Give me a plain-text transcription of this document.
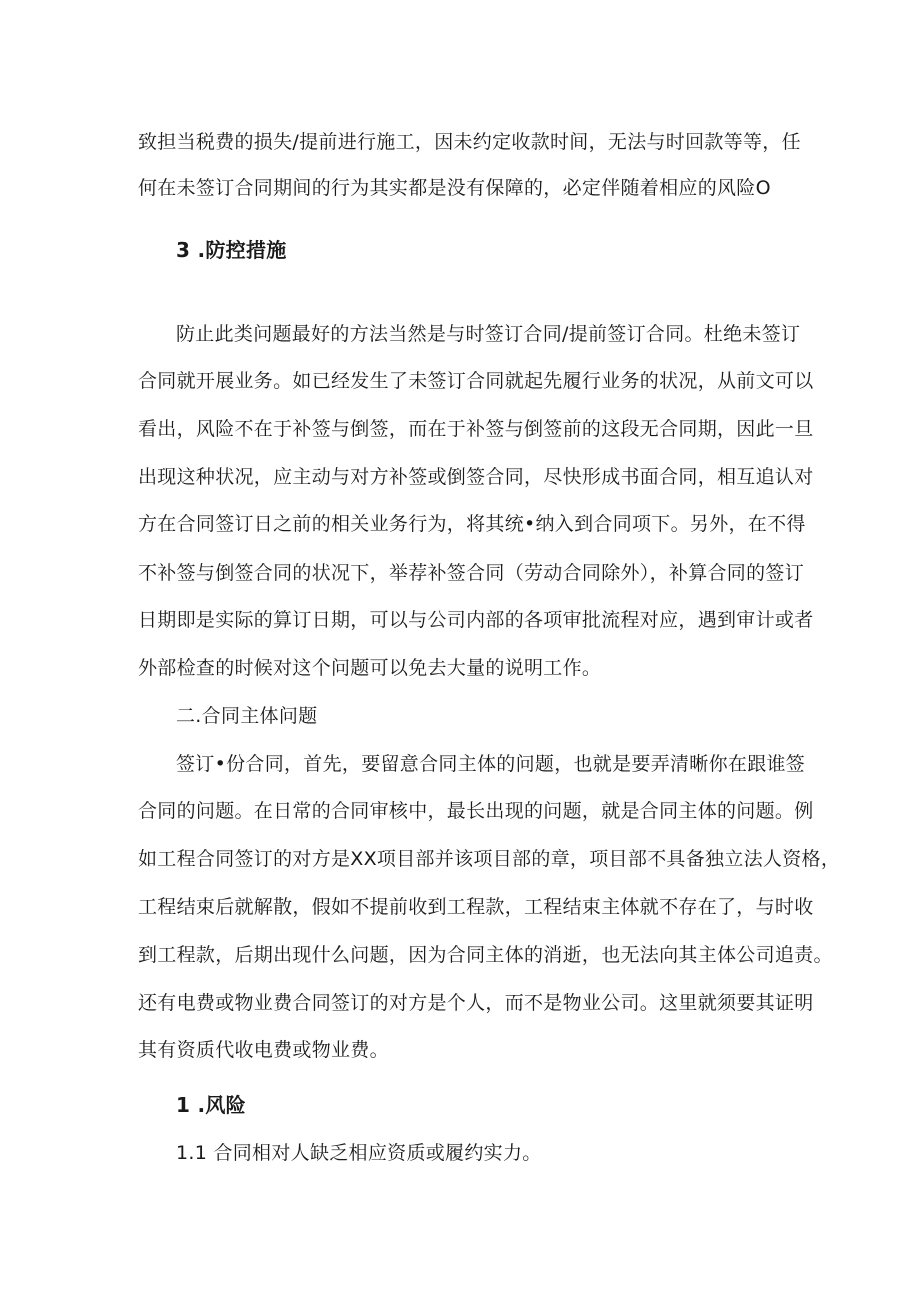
致担当税费的损失/提前进行施工，因未约定收款时间，无法与时回款等等，任
何在未签订合同期间的行为其实都是没有保障的，必定伴随着相应的风险O
3 .防控措施
防止此类问题最好的方法当然是与时签订合同/提前签订合同。杜绝未签订
合同就开展业务。如已经发生了未签订合同就起先履行业务的状况，从前文可以
看出，风险不在于补签与倒签，而在于补签与倒签前的这段无合同期，因此一旦
出现这种状况，应主动与对方补签或倒签合同，尽快形成书面合同，相互追认对
方在合同签订日之前的相关业务行为，将其统•纳入到合同项下。另外，在不得
不补签与倒签合同的状况下，举荐补签合同（劳动合同除外），补算合同的签订
日期即是实际的算订日期，可以与公司内部的各项审批流程对应，遇到审计或者
外部检查的时候对这个问题可以免去大量的说明工作。
二.合同主体问题
签订•份合同，首先，要留意合同主体的问题，也就是要弄清晰你在跟谁签
合同的问题。在日常的合同审核中，最长出现的问题，就是合同主体的问题。例
如工程合同签订的对方是XX项目部并该项目部的章，项目部不具备独立法人资格，
工程结束后就解散，假如不提前收到工程款，工程结束主体就不存在了，与时收
到工程款，后期出现什么问题，因为合同主体的消逝，也无法向其主体公司追责。
还有电费或物业费合同签订的对方是个人，而不是物业公司。这里就须要其证明
其有资质代收电费或物业费。
1 .风险
1.1 合同相对人缺乏相应资质或履约实力。
